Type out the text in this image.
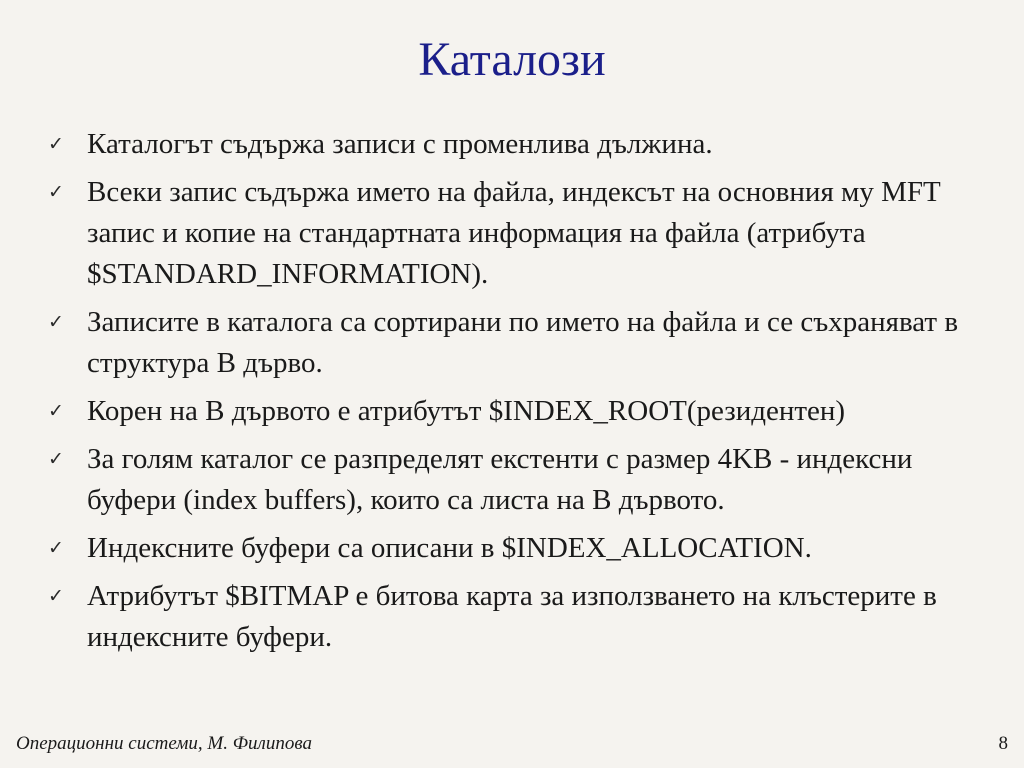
Каталози
✓ Каталогът съдържа записи с променлива дължина.
✓ Всеки запис съдържа името на файла, индексът на основния му MFT запис и копие на стандартната информация на файла (атрибута $STANDARD_INFORMATION).
✓ Записите в каталога са сортирани по името на файла и се съхраняват в структура B дърво.
✓ Корен на B дървото е атрибутът $INDEX_ROOT(резидентен)
✓ За голям каталог се разпределят екстенти с размер 4KB - индексни буфери (index buffers), които са листа на B дървото.
✓ Индексните буфери са описани в $INDEX_ALLOCATION.
✓ Атрибутът $BITMAP е битова карта за използването на клъстерите в индексните буфери.
Операционни системи, М. Филипова	8
